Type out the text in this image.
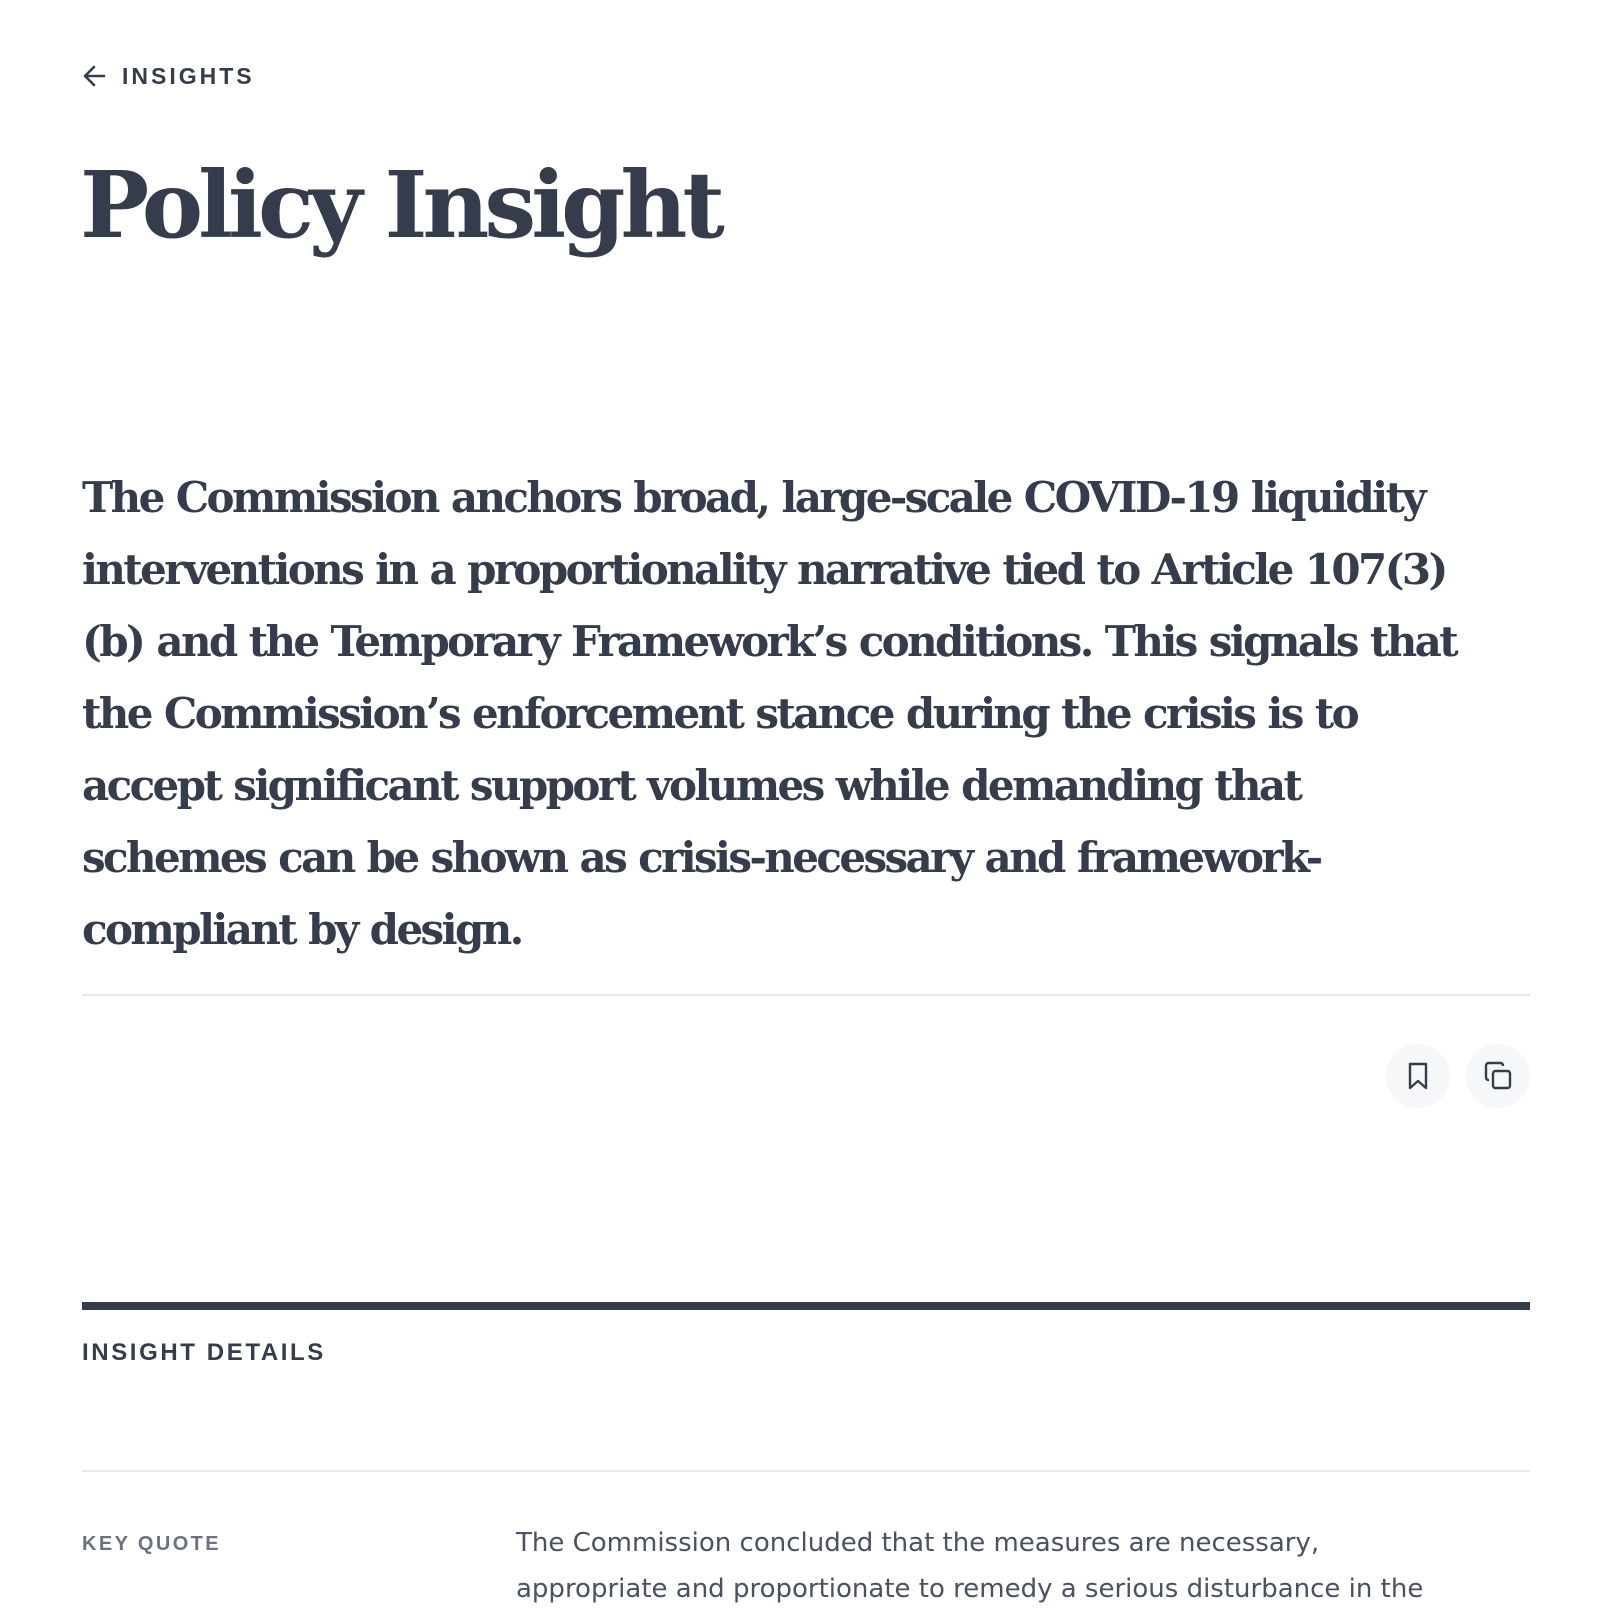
INSIGHTS
Policy Insight

The Commission anchors broad, large-scale COVID-19 liquidity interventions in a proportionality narrative tied to Article 107(3)(b) and the Temporary Framework’s conditions. This signals that the Commission’s enforcement stance during the crisis is to accept significant support volumes while demanding that schemes can be shown as crisis-necessary and framework-compliant by design.

INSIGHT DETAILS
KEY QUOTE	The Commission concluded that the measures are necessary, appropriate and proportionate to remedy a serious disturbance in the
